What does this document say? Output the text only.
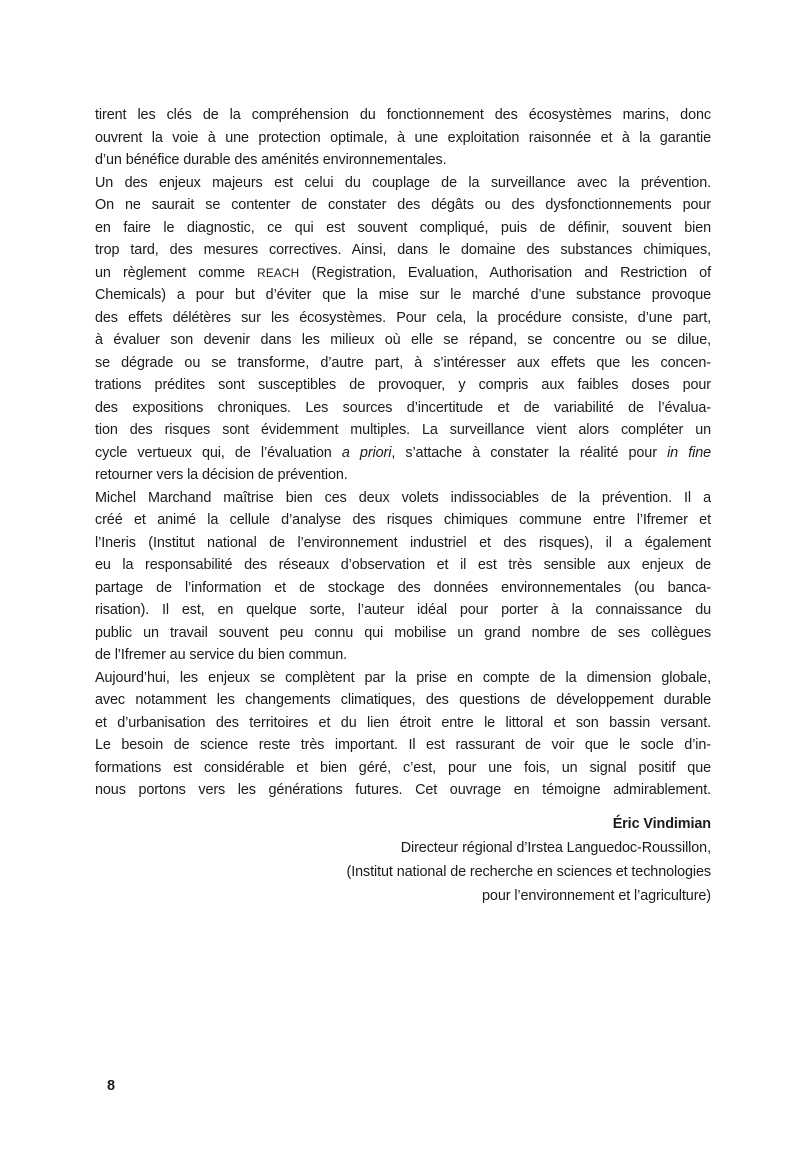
tirent les clés de la compréhension du fonctionnement des écosystèmes marins, donc
ouvrent la voie à une protection optimale, à une exploitation raisonnée et à la garantie
d’un bénéfice durable des aménités environnementales.
Un des enjeux majeurs est celui du couplage de la surveillance avec la prévention.
On ne saurait se contenter de constater des dégâts ou des dysfonctionnements pour
en faire le diagnostic, ce qui est souvent compliqué, puis de définir, souvent bien
trop tard, des mesures correctives. Ainsi, dans le domaine des substances chimiques,
un règlement comme REACH (Registration, Evaluation, Authorisation and Restriction of
Chemicals) a pour but d’éviter que la mise sur le marché d’une substance provoque
des effets délétères sur les écosystèmes. Pour cela, la procédure consiste, d’une part,
à évaluer son devenir dans les milieux où elle se répand, se concentre ou se dilue,
se dégrade ou se transforme, d’autre part, à s’intéresser aux effets que les concen-
trations prédites sont susceptibles de provoquer, y compris aux faibles doses pour
des expositions chroniques. Les sources d’incertitude et de variabilité de l’évalua-
tion des risques sont évidemment multiples. La surveillance vient alors compléter un
cycle vertueux qui, de l’évaluation a priori, s’attache à constater la réalité pour in fine
retourner vers la décision de prévention.
Michel Marchand maîtrise bien ces deux volets indissociables de la prévention. Il a
créé et animé la cellule d’analyse des risques chimiques commune entre l’Ifremer et
l’Ineris (Institut national de l’environnement industriel et des risques), il a également
eu la responsabilité des réseaux d’observation et il est très sensible aux enjeux de
partage de l’information et de stockage des données environnementales (ou banca-
risation). Il est, en quelque sorte, l’auteur idéal pour porter à la connaissance du
public un travail souvent peu connu qui mobilise un grand nombre de ses collègues
de l’Ifremer au service du bien commun.
Aujourd’hui, les enjeux se complètent par la prise en compte de la dimension globale,
avec notamment les changements climatiques, des questions de développement durable
et d’urbanisation des territoires et du lien étroit entre le littoral et son bassin versant.
Le besoin de science reste très important. Il est rassurant de voir que le socle d’in-
formations est considérable et bien géré, c’est, pour une fois, un signal positif que
nous portons vers les générations futures. Cet ouvrage en témoigne admirablement.
Éric Vindimian
Directeur régional d’Irstea Languedoc-Roussillon,
(Institut national de recherche en sciences et technologies
pour l’environnement et l’agriculture)
8
